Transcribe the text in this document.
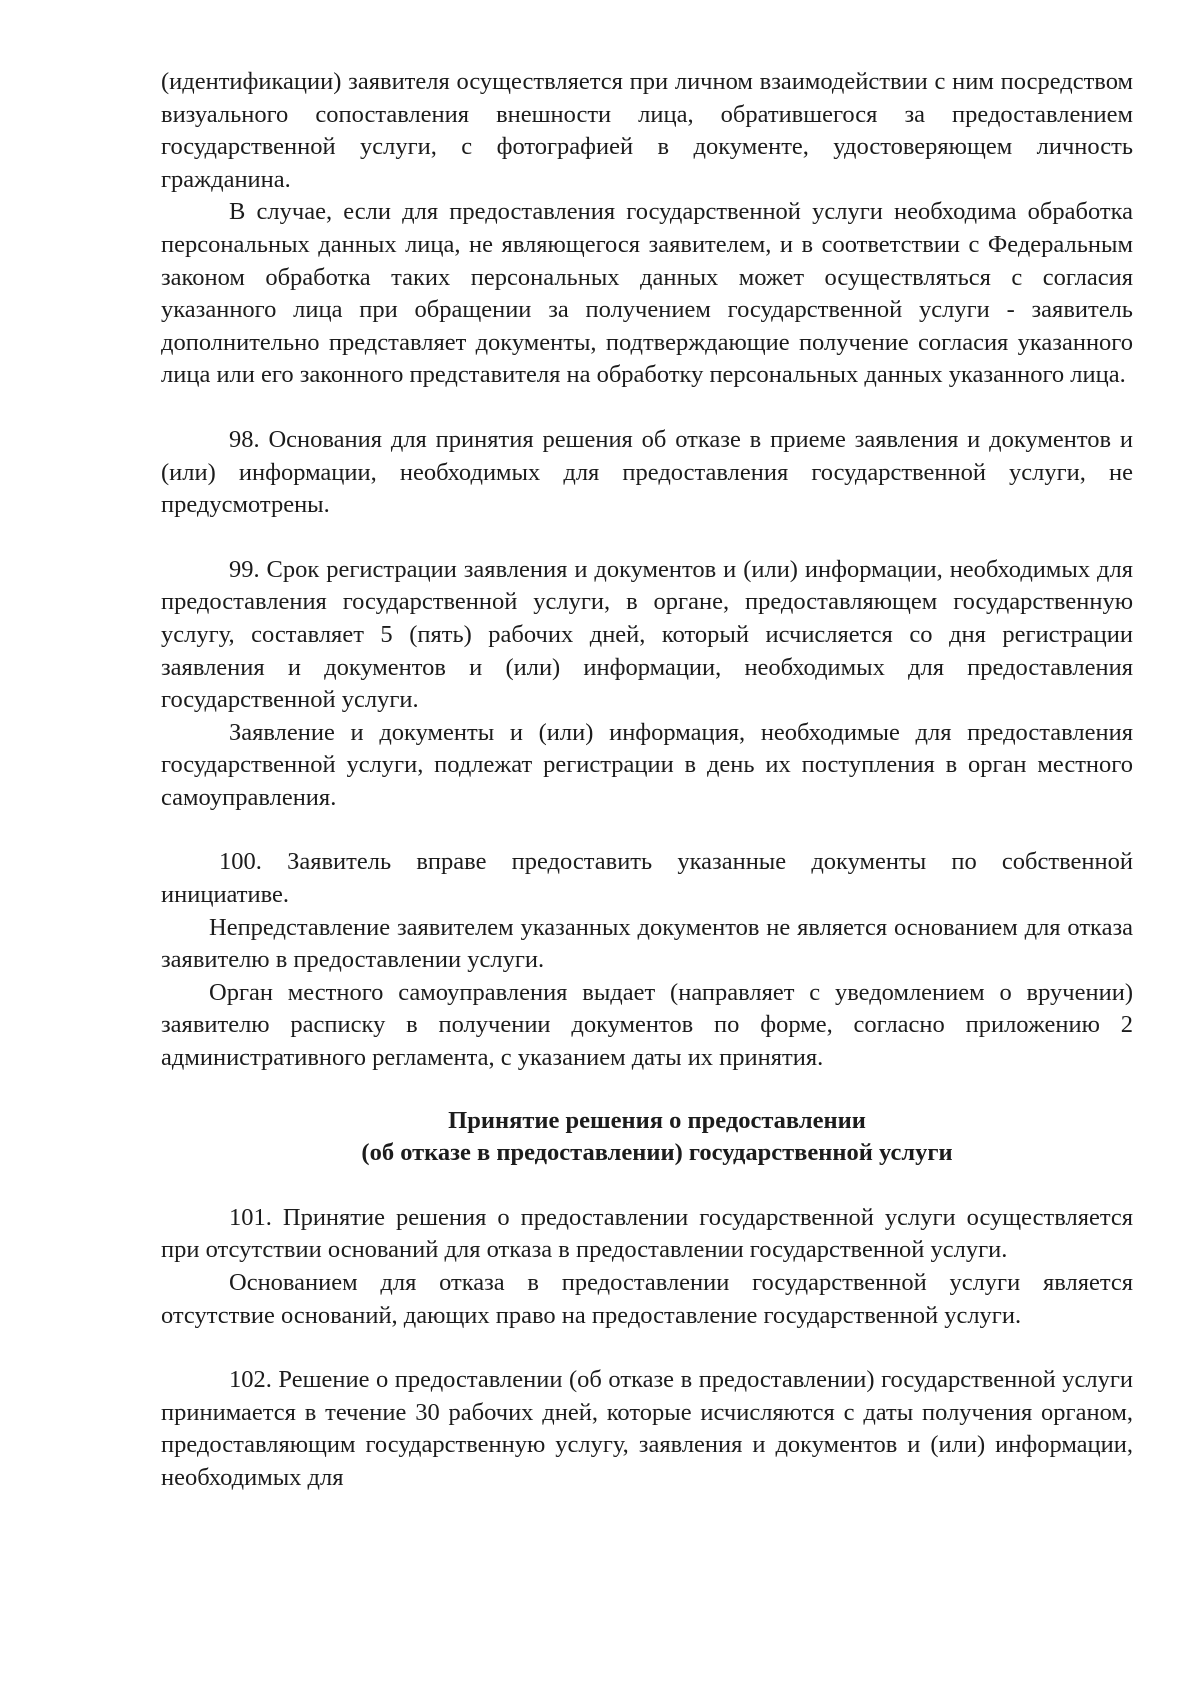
(идентификации) заявителя осуществляется при личном взаимодействии с ним посредством визуального сопоставления внешности лица, обратившегося за предоставлением государственной услуги, с фотографией в документе, удостоверяющем личность гражданина.

В случае, если для предоставления государственной услуги необходима обработка персональных данных лица, не являющегося заявителем, и в соответствии с Федеральным законом обработка таких персональных данных может осуществляться с согласия указанного лица при обращении за получением государственной услуги - заявитель дополнительно представляет документы, подтверждающие получение согласия указанного лица или его законного представителя на обработку персональных данных указанного лица.

98. Основания для принятия решения об отказе в приеме заявления и документов и (или) информации, необходимых для предоставления государственной услуги, не предусмотрены.

99. Срок регистрации заявления и документов и (или) информации, необходимых для предоставления государственной услуги, в органе, предоставляющем государственную услугу, составляет 5 (пять) рабочих дней, который исчисляется со дня регистрации заявления и документов и (или) информации, необходимых для предоставления государственной услуги.

Заявление и документы и (или) информация, необходимые для предоставления государственной услуги, подлежат регистрации в день их поступления в орган местного самоуправления.

100. Заявитель вправе предоставить указанные документы по собственной инициативе.

Непредставление заявителем указанных документов не является основанием для отказа заявителю в предоставлении услуги.

Орган местного самоуправления выдает (направляет с уведомлением о вручении) заявителю расписку в получении документов по форме, согласно приложению 2 административного регламента, с указанием даты их принятия.

Принятие решения о предоставлении
(об отказе в предоставлении) государственной услуги

101. Принятие решения о предоставлении государственной услуги осуществляется при отсутствии оснований для отказа в предоставлении государственной услуги.

Основанием для отказа в предоставлении государственной услуги является отсутствие оснований, дающих право на предоставление государственной услуги.

102. Решение о предоставлении (об отказе в предоставлении) государственной услуги принимается в течение 30 рабочих дней, которые исчисляются с даты получения органом, предоставляющим государственную услугу, заявления и документов и (или) информации, необходимых для
